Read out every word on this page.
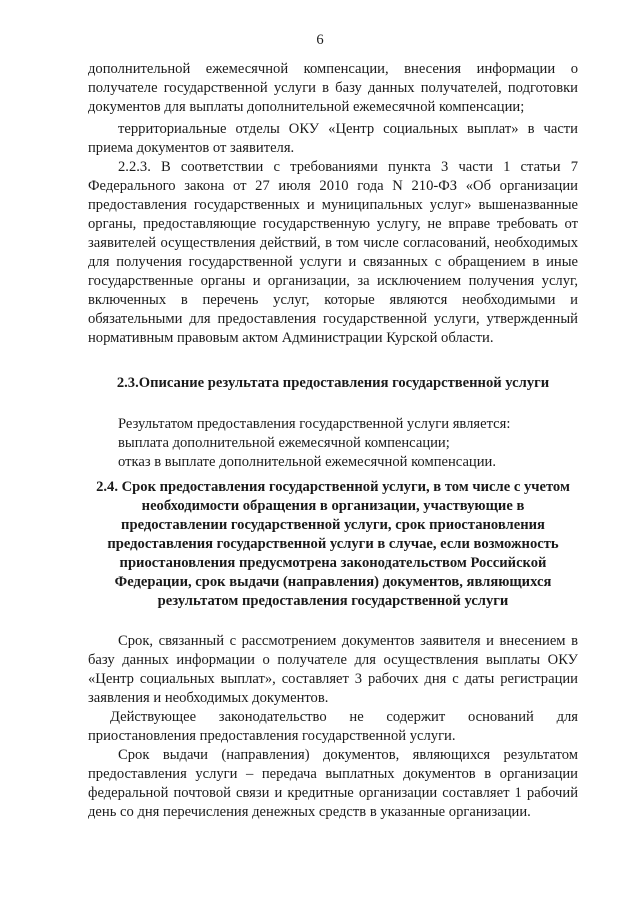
6

дополнительной ежемесячной компенсации, внесения информации о получателе государственной услуги в базу данных получателей, подготовки документов для выплаты дополнительной ежемесячной компенсации;

территориальные отделы ОКУ «Центр социальных выплат» в части приема документов от заявителя.

2.2.3. В соответствии с требованиями пункта 3 части 1 статьи 7 Федерального закона от 27 июля 2010 года N 210-ФЗ «Об организации предоставления государственных и муниципальных услуг» вышеназванные органы, предоставляющие государственную услугу, не вправе требовать от заявителей осуществления действий, в том числе согласований, необходимых для получения государственной услуги и связанных с обращением в иные государственные органы и организации, за исключением получения услуг, включенных в перечень услуг, которые являются необходимыми и обязательными для предоставления государственной услуги, утвержденный нормативным правовым актом Администрации Курской области.

2.3.Описание результата предоставления государственной услуги

Результатом предоставления государственной услуги является:

выплата дополнительной ежемесячной компенсации;

отказ в выплате дополнительной ежемесячной компенсации.

2.4. Срок предоставления государственной услуги, в том числе с учетом необходимости обращения в организации, участвующие в предоставлении государственной услуги, срок приостановления предоставления государственной услуги в случае, если возможность приостановления предусмотрена законодательством Российской Федерации, срок выдачи (направления) документов, являющихся результатом предоставления государственной услуги

Срок, связанный с рассмотрением документов заявителя и внесением в базу данных информации о получателе для осуществления выплаты ОКУ «Центр социальных выплат», составляет 3 рабочих дня с даты регистрации заявления и необходимых документов.

Действующее законодательство не содержит оснований для приостановления предоставления государственной услуги.

Срок выдачи (направления) документов, являющихся результатом предоставления услуги – передача выплатных документов в организации федеральной почтовой связи и кредитные организации составляет 1 рабочий день со дня перечисления денежных средств в указанные организации.
